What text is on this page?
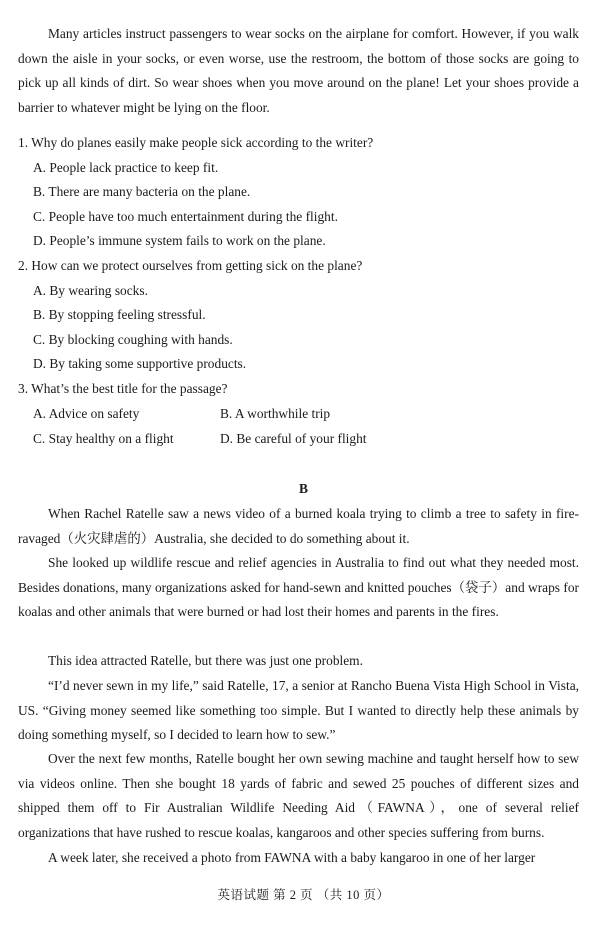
Many articles instruct passengers to wear socks on the airplane for comfort. However, if you walk down the aisle in your socks, or even worse, use the restroom, the bottom of those socks are going to pick up all kinds of dirt. So wear shoes when you move around on the plane! Let your shoes provide a barrier to whatever might be lying on the floor.

1. Why do planes easily make people sick according to the writer?

A. People lack practice to keep fit.

B. There are many bacteria on the plane.

C. People have too much entertainment during the flight.

D. People’s immune system fails to work on the plane.

2. How can we protect ourselves from getting sick on the plane?

A. By wearing socks.

B. By stopping feeling stressful.

C. By blocking coughing with hands.

D. By taking some supportive products.

3. What’s the best title for the passage?

A. Advice on safety	B. A worthwhile trip

C. Stay healthy on a flight	D. Be careful of your flight

B

When Rachel Ratelle saw a news video of a burned koala trying to climb a tree to safety in fire-ravaged（火灾肆虐的）Australia, she decided to do something about it.

She looked up wildlife rescue and relief agencies in Australia to find out what they needed most. Besides donations, many organizations asked for hand-sewn and knitted pouches（袋子）and wraps for koalas and other animals that were burned or had lost their homes and parents in the fires.

This idea attracted Ratelle, but there was just one problem.

“I’d never sewn in my life,” said Ratelle, 17, a senior at Rancho Buena Vista High School in Vista, US. “Giving money seemed like something too simple. But I wanted to directly help these animals by doing something myself, so I decided to learn how to sew.”

Over the next few months, Ratelle bought her own sewing machine and taught herself how to sew via videos online. Then she bought 18 yards of fabric and sewed 25 pouches of different sizes and shipped them off to Fir Australian Wildlife Needing Aid（FAWNA），one of several relief organizations that have rushed to rescue koalas, kangaroos and other species suffering from burns.

A week later, she received a photo from FAWNA with a baby kangaroo in one of her larger

英语试题 第 2 页 （共 10 页）
